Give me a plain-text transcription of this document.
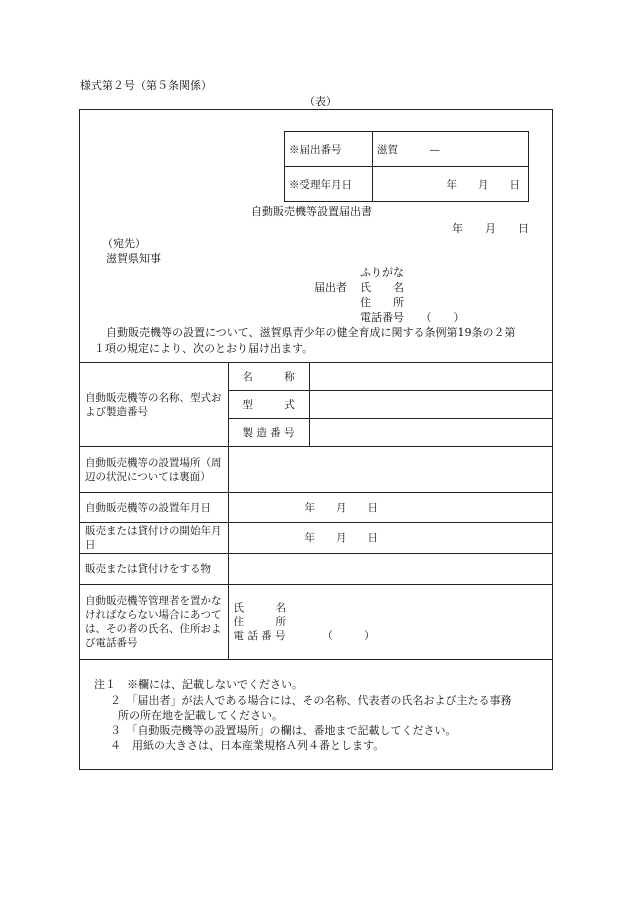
様式第２号（第５条関係）
（表）
※届出番号	滋賀　　　—
※受理年月日	年　　月　　日
自動販売機等設置届出書
年　　月　　日
（宛先）
滋賀県知事
ふりがな
届出者 氏　　名
住　　所
電話番号　　（　　）
自動販売機等の設置について、滋賀県青少年の健全育成に関する条例第19条の２第
１項の規定により、次のとおり届け出ます。
自動販売機等の名称、型式および製造番号	名　　　称	
	型　　　式	
	製 造 番 号	
自動販売機等の設置場所（周辺の状況については裏面）		
自動販売機等の設置年月日	年　　月　　日	
販売または貸付けの開始年月日	年　　月　　日	
販売または貸付けをする物		
自動販売機等管理者を置かなければならない場合にあつては、その者の氏名、住所および電話番号	氏　　　名
住　　　所
電 話 番 号　　　　（　　　）	
注１　※欄には、記載しないでください。
２　「届出者」が法人である場合には、その名称、代表者の氏名および主たる事務
所の所在地を記載してください。
３　「自動販売機等の設置場所」の欄は、番地まで記載してください。
４　用紙の大きさは、日本産業規格Ａ列４番とします。
